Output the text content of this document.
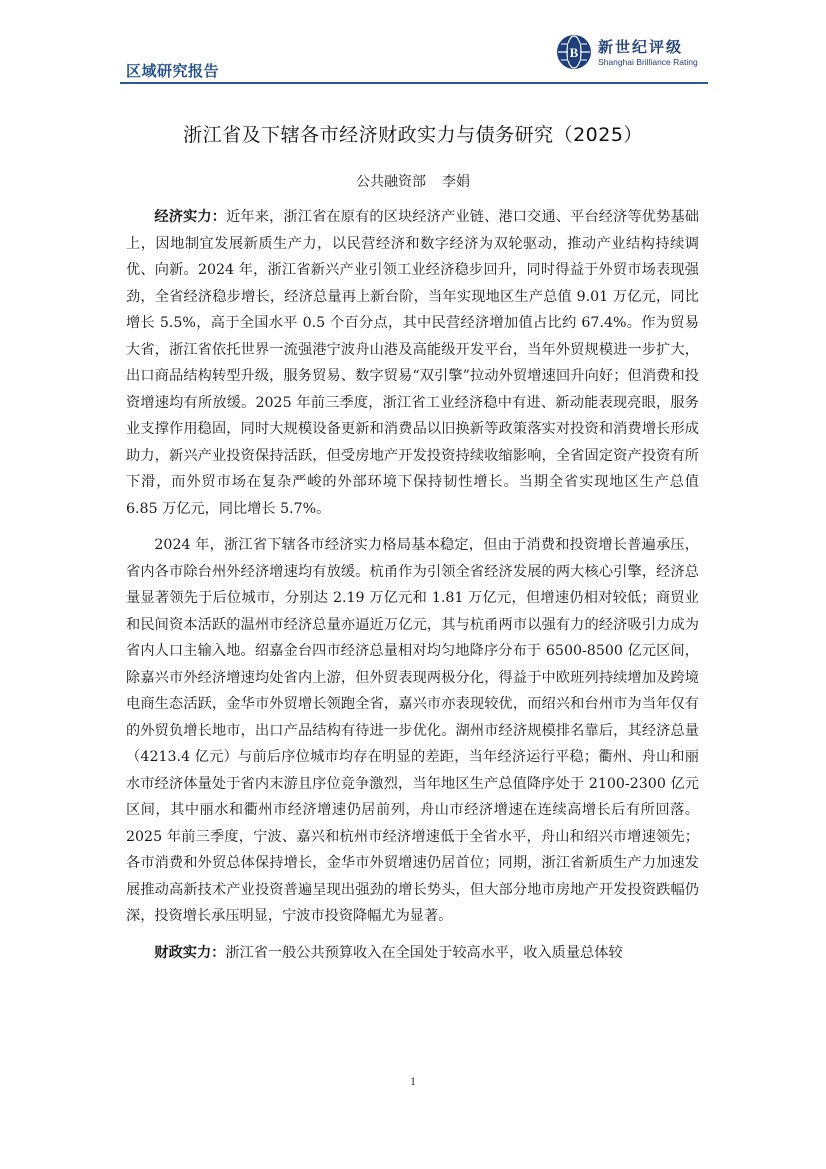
区域研究报告
B 新世纪评级
Shanghai Brilliance Rating
浙江省及下辖各市经济财政实力与债务研究（2025）
公共融资部 李娟

经济实力：近年来，浙江省在原有的区块经济产业链、港口交通、平台经济等优势基础上，因地制宜发展新质生产力，以民营经济和数字经济为双轮驱动，推动产业结构持续调优、向新。2024 年，浙江省新兴产业引领工业经济稳步回升，同时得益于外贸市场表现强劲，全省经济稳步增长，经济总量再上新台阶，当年实现地区生产总值 9.01 万亿元，同比增长 5.5%，高于全国水平 0.5 个百分点，其中民营经济增加值占比约 67.4%。作为贸易大省，浙江省依托世界一流强港宁波舟山港及高能级开发平台，当年外贸规模进一步扩大，出口商品结构转型升级，服务贸易、数字贸易“双引擎”拉动外贸增速回升向好；但消费和投资增速均有所放缓。2025 年前三季度，浙江省工业经济稳中有进、新动能表现亮眼，服务业支撑作用稳固，同时大规模设备更新和消费品以旧换新等政策落实对投资和消费增长形成助力，新兴产业投资保持活跃，但受房地产开发投资持续收缩影响，全省固定资产投资有所下滑，而外贸市场在复杂严峻的外部环境下保持韧性增长。当期全省实现地区生产总值 6.85 万亿元，同比增长 5.7%。

2024 年，浙江省下辖各市经济实力格局基本稳定，但由于消费和投资增长普遍承压，省内各市除台州外经济增速均有放缓。杭甬作为引领全省经济发展的两大核心引擎，经济总量显著领先于后位城市，分别达 2.19 万亿元和 1.81 万亿元，但增速仍相对较低；商贸业和民间资本活跃的温州市经济总量亦逼近万亿元，其与杭甬两市以强有力的经济吸引力成为省内人口主输入地。绍嘉金台四市经济总量相对均匀地降序分布于 6500-8500 亿元区间，除嘉兴市外经济增速均处省内上游，但外贸表现两极分化，得益于中欧班列持续增加及跨境电商生态活跃，金华市外贸增长领跑全省，嘉兴市亦表现较优，而绍兴和台州市为当年仅有的外贸负增长地市，出口产品结构有待进一步优化。湖州市经济规模排名靠后，其经济总量（4213.4 亿元）与前后序位城市均存在明显的差距，当年经济运行平稳；衢州、舟山和丽水市经济体量处于省内末游且序位竞争激烈，当年地区生产总值降序处于 2100-2300 亿元区间，其中丽水和衢州市经济增速仍居前列，舟山市经济增速在连续高增长后有所回落。2025 年前三季度，宁波、嘉兴和杭州市经济增速低于全省水平，舟山和绍兴市增速领先；各市消费和外贸总体保持增长，金华市外贸增速仍居首位；同期，浙江省新质生产力加速发展推动高新技术产业投资普遍呈现出强劲的增长势头，但大部分地市房地产开发投资跌幅仍深，投资增长承压明显，宁波市投资降幅尤为显著。

财政实力：浙江省一般公共预算收入在全国处于较高水平，收入质量总体较

1
